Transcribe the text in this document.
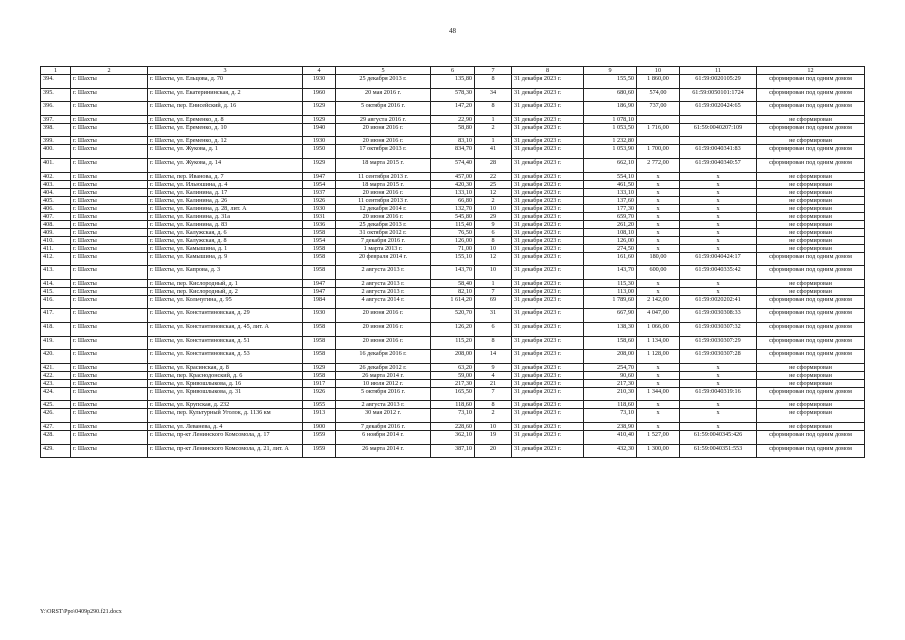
48
1	2	3	4	5	6	7	8	9	10	11	12
394.	г. Шахты	г. Шахты, ул. Ельцова, д. 70	1930	25 декабря 2013 г.	135,80	8	31 декабря 2023 г.	155,50	1 860,00	61:59:0020105:29	сформирован под одним домом
395.	г. Шахты	г. Шахты, ул. Екатерининская, д. 2	1960	20 мая 2016 г.	578,30	34	31 декабря 2023 г.	680,60	574,00	61:59:0050101:1724	сформирован под одним домом
396.	г. Шахты	г. Шахты, пер. Енисейский, д. 16	1929	5 октября 2016 г.	147,20	8	31 декабря 2023 г.	186,90	737,00	61:59:0020424:65	сформирован под одним домом
397.	г. Шахты	г. Шахты, ул. Еременко, д. 8	1929	29 августа 2016 г.	22,90	1	31 декабря 2023 г.	1 078,10			не сформирован
398.	г. Шахты	г. Шахты, ул. Еременко, д. 10	1940	20 июня 2016 г.	58,80	2	31 декабря 2023 г.	1 053,50	1 716,00	61:59:0040207:109	сформирован под одним домом
399.	г. Шахты	г. Шахты, ул. Еременко, д. 12	1930	20 июня 2016 г.	83,10	1	31 декабря 2023 г.	1 232,80			не сформирован
400.	г. Шахты	г. Шахты, ул. Жукова, д. 1	1950	17 октября 2013 г.	834,70	41	31 декабря 2023 г.	1 053,90	1 700,00	61:59:0040341:83	сформирован под одним домом
401.	г. Шахты	г. Шахты, ул. Жукова, д. 14	1929	18 марта 2015 г.	574,40	28	31 декабря 2023 г.	662,10	2 772,00	61:59:0040340:57	сформирован под одним домом
402.	г. Шахты	г. Шахты, пер. Иванова, д. 7	1947	11 сентября 2013 г.	457,00	22	31 декабря 2023 г.	554,10	х	х	не сформирован
403.	г. Шахты	г. Шахты, ул. Ильюшина, д. 4	1954	18 марта 2015 г.	420,30	25	31 декабря 2023 г.	461,50	х	х	не сформирован
404.	г. Шахты	г. Шахты, ул. Калинина, д. 17	1937	20 июня 2016 г.	133,10	12	31 декабря 2023 г.	133,10	х	х	не сформирован
405.	г. Шахты	г. Шахты, ул. Калинина, д. 26	1926	11 сентября 2013 г.	66,80	2	31 декабря 2023 г.	137,60	х	х	не сформирован
406.	г. Шахты	г. Шахты, ул. Калинина, д. 28, лит. А	1930	12 декабря 2014 г.	132,70	10	31 декабря 2023 г.	177,30	х	х	не сформирован
407.	г. Шахты	г. Шахты, ул. Калинина, д. 31а	1931	20 июня 2016 г.	545,80	29	31 декабря 2023 г.	659,70	х	х	не сформирован
408.	г. Шахты	г. Шахты, ул. Калинина, д. 83	1936	25 декабря 2013 г.	115,40	9	31 декабря 2023 г.	261,20	х	х	не сформирован
409.	г. Шахты	г. Шахты, ул. Калужская, д. 6	1958	31 октября 2012 г.	76,50	6	31 декабря 2023 г.	108,10	х	х	не сформирован
410.	г. Шахты	г. Шахты, ул. Калужская, д. 8	1954	7 декабря 2016 г.	126,00	8	31 декабря 2023 г.	126,00	х	х	не сформирован
411.	г. Шахты	г. Шахты, ул. Камышина, д. 1	1958	1 марта 2013 г.	71,00	10	31 декабря 2023 г.	274,50	х	х	не сформирован
412.	г. Шахты	г. Шахты, ул. Камышина, д. 9	1958	20 февраля 2014 г.	155,10	12	31 декабря 2023 г.	161,60	180,00	61:59:0040424:17	сформирован под одним домом
413.	г. Шахты	г. Шахты, ул. Капрова, д. 3	1958	2 августа 2013 г.	143,70	10	31 декабря 2023 г.	143,70	600,00	61:59:0040335:42	сформирован под одним домом
414.	г. Шахты	г. Шахты, пер. Кислородный, д. 1	1947	2 августа 2013 г.	58,40	1	31 декабря 2023 г.	115,30	х	х	не сформирован
415.	г. Шахты	г. Шахты, пер. Кислородный, д. 2	1947	2 августа 2013 г.	82,10	7	31 декабря 2023 г.	113,00	х	х	не сформирован
416.	г. Шахты	г. Шахты, ул. Кольчугина, д. 95	1984	4 августа 2014 г.	1 614,20	69	31 декабря 2023 г.	1 789,60	2 142,00	61:59:0020202:41	сформирован под одним домом
417.	г. Шахты	г. Шахты, ул. Константиновская, д. 29	1930	20 июня 2016 г.	520,70	31	31 декабря 2023 г.	667,90	4 047,00	61:59:0030308:33	сформирован под одним домом
418.	г. Шахты	г. Шахты, ул. Константиновская, д. 45, лит. А	1958	20 июня 2016 г.	126,20	6	31 декабря 2023 г.	138,30	1 066,00	61:59:0030307:32	сформирован под одним домом
419.	г. Шахты	г. Шахты, ул. Константиновская, д. 51	1958	20 июня 2016 г.	115,20	8	31 декабря 2023 г.	158,60	1 134,00	61:59:0030307:29	сформирован под одним домом
420.	г. Шахты	г. Шахты, ул. Константиновская, д. 53	1958	16 декабря 2016 г.	208,00	14	31 декабря 2023 г.	208,00	1 128,00	61:59:0030307:28	сформирован под одним домом
421.	г. Шахты	г. Шахты, ул. Красинская, д. 8	1929	26 декабря 2012 г.	63,20	9	31 декабря 2023 г.	254,70	х	х	не сформирован
422.	г. Шахты	г. Шахты, пер. Краснодонский, д. 6	1958	26 марта 2014 г.	59,00	4	31 декабря 2023 г.	90,60	х	х	не сформирован
423.	г. Шахты	г. Шахты, ул. Кривошлыкова, д. 16	1917	10 июля 2012 г.	217,30	21	31 декабря 2023 г.	217,30	х	х	не сформирован
424.	г. Шахты	г. Шахты, ул. Кривошлыкова, д. 31	1926	5 октября 2016 г.	165,50	7	31 декабря 2023 г.	210,30	1 344,00	61:59:0040319:16	сформирован под одним домом
425.	г. Шахты	г. Шахты, ул. Крупская, д. 232	1955	2 августа 2013 г.	118,60	8	31 декабря 2023 г.	118,60	х	х	не сформирован
426.	г. Шахты	г. Шахты, пер. Культурный Уголок, д. 1136 км	1913	30 мая 2012 г.	73,10	2	31 декабря 2023 г.	73,10	х	х	не сформирован
427.	г. Шахты	г. Шахты, ул. Леванева, д. 4	1900	7 декабря 2016 г.	228,60	10	31 декабря 2023 г.	238,90	х	х	не сформирован
428.	г. Шахты	г. Шахты, пр-кт Ленинского Комсомола, д. 17	1959	6 ноября 2014 г.	362,10	19	31 декабря 2023 г.	410,40	1 527,00	61:59:0040345:426	сформирован под одним домом
429.	г. Шахты	г. Шахты, пр-кт Ленинского Комсомола, д. 21, лит. А	1959	26 марта 2014 г.	387,10	20	31 декабря 2023 г.	432,30	1 300,00	61:59:0040351:553	сформирован под одним домом
Y:\ORST\Ppo\0409p290.f21.docx
